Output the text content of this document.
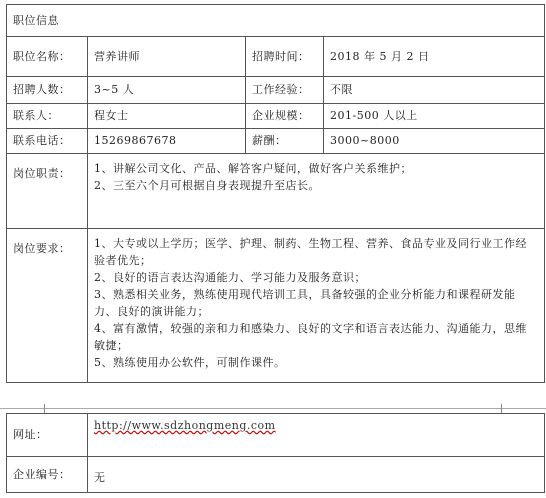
职位信息			
职位名称：	营养讲师	招聘时间：	2018 年 5 月 2 日
招聘人数：	3~5 人	工作经验：	不限
联系人：	程女士	企业规模：	201-500 人以上
联系电话：	15269867678	薪酬：	3000~8000
岗位职责：	1、讲解公司文化、产品、解答客户疑问，做好客户关系维护；
2、三至六个月可根据自身表现提升至店长。		

岗位要求：	1、大专或以上学历；医学、护理、制药、生物工程、营养、食品专业及同行业工作经验者优先；
2、良好的语言表达沟通能力、学习能力及服务意识；
3、熟悉相关业务，熟练使用现代培训工具，具备较强的企业分析能力和课程研发能力、良好的演讲能力；
4、富有激情，较强的亲和力和感染力、良好的文字和语言表达能力、沟通能力，思维敏捷；
5、熟练使用办公软件，可制作课件。		
网址：	http://www.sdzhongmeng.com
企业编号：	无
